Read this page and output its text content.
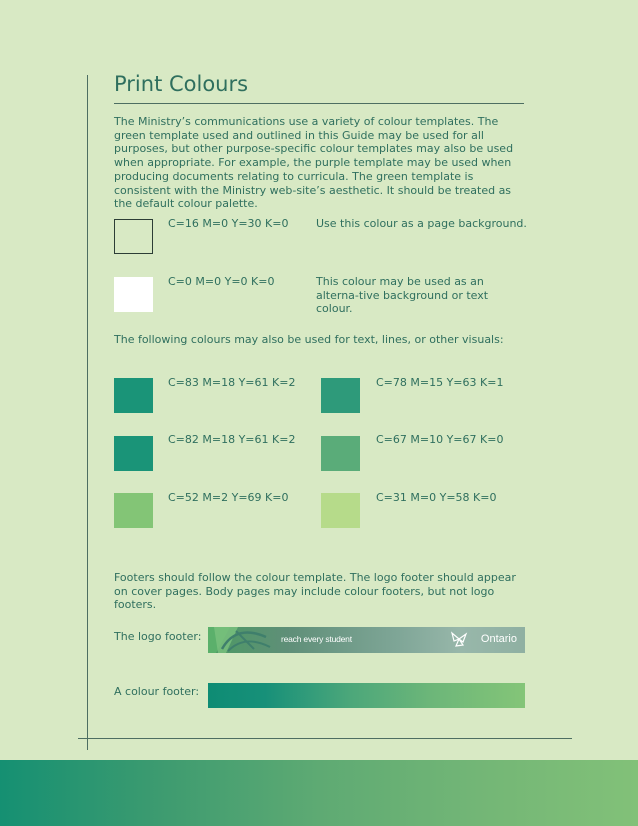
Print Colours

The Ministry’s communications use a variety of colour templates. The green template used and outlined in this Guide may be used for all purposes, but other purpose-specific colour templates may also be used when appropriate. For example, the purple template may be used when producing documents relating to curricula. The green template is consistent with the Ministry web-site’s aesthetic. It should be treated as the default colour palette.

C=16 M=0 Y=30 K=0	Use this colour as a page background.
C=0 M=0 Y=0 K=0	This colour may be used as an alterna-tive background or text colour.

The following colours may also be used for text, lines, or other visuals:

C=83 M=18 Y=61 K=2	C=78 M=15 Y=63 K=1
C=82 M=18 Y=61 K=2	C=67 M=10 Y=67 K=0
C=52 M=2 Y=69 K=0	C=31 M=0 Y=58 K=0

Footers should follow the colour template. The logo footer should appear on cover pages. Body pages may include colour footers, but not logo footers.

The logo footer:	reach every student	Ontario
A colour footer:
